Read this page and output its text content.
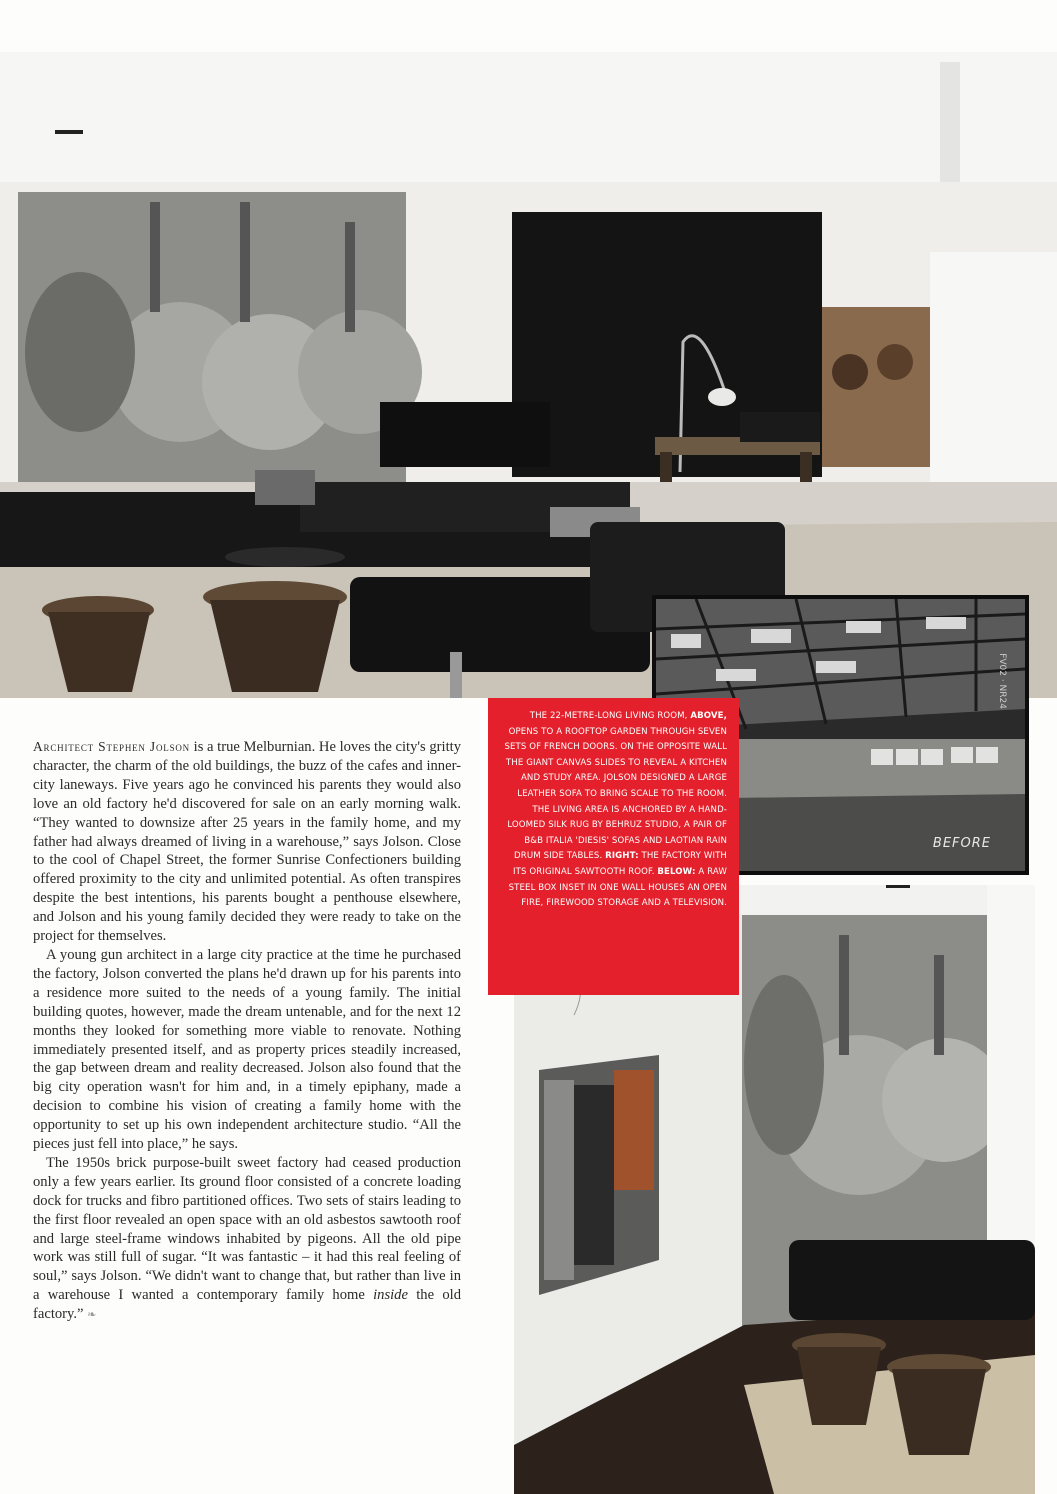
FV02 · NR24
BEFORE
THE 22-METRE-LONG LIVING ROOM, ABOVE, OPENS TO A ROOFTOP GARDEN THROUGH SEVEN SETS OF FRENCH DOORS. ON THE OPPOSITE WALL THE GIANT CANVAS SLIDES TO REVEAL A KITCHEN AND STUDY AREA. JOLSON DESIGNED A LARGE LEATHER SOFA TO BRING SCALE TO THE ROOM. THE LIVING AREA IS ANCHORED BY A HAND-LOOMED SILK RUG BY BEHRUZ STUDIO, A PAIR OF B&B ITALIA 'DIESIS' SOFAS AND LAOTIAN RAIN DRUM SIDE TABLES. RIGHT: THE FACTORY WITH ITS ORIGINAL SAWTOOTH ROOF. BELOW: A RAW STEEL BOX INSET IN ONE WALL HOUSES AN OPEN FIRE, FIREWOOD STORAGE AND A TELEVISION.

Architect Stephen Jolson is a true Melburnian. He loves the city's gritty character, the charm of the old buildings, the buzz of the cafes and inner-city laneways. Five years ago he convinced his parents they would also love an old factory he'd discovered for sale on an early morning walk. “They wanted to downsize after 25 years in the family home, and my father had always dreamed of living in a warehouse,” says Jolson. Close to the cool of Chapel Street, the former Sunrise Confectioners building offered proximity to the city and unlimited potential. As often transpires despite the best intentions, his parents bought a penthouse elsewhere, and Jolson and his young family decided they were ready to take on the project for themselves.

A young gun architect in a large city practice at the time he purchased the factory, Jolson converted the plans he'd drawn up for his parents into a residence more suited to the needs of a young family. The initial building quotes, however, made the dream untenable, and for the next 12 months they looked for something more viable to renovate. Nothing immediately presented itself, and as property prices steadily increased, the gap between dream and reality decreased. Jolson also found that the big city operation wasn't for him and, in a timely epiphany, made a decision to combine his vision of creating a family home with the opportunity to set up his own independent architecture studio. “All the pieces just fell into place,” he says.

The 1950s brick purpose-built sweet factory had ceased production only a few years earlier. Its ground floor consisted of a concrete loading dock for trucks and fibro partitioned offices. Two sets of stairs leading to the first floor revealed an open space with an old asbestos sawtooth roof and large steel-frame windows inhabited by pigeons. All the old pipe work was still full of sugar. “It was fantastic – it had this real feeling of soul,” says Jolson. “We didn't want to change that, but rather than live in a warehouse I wanted a contemporary family home inside the old factory.” ❧
